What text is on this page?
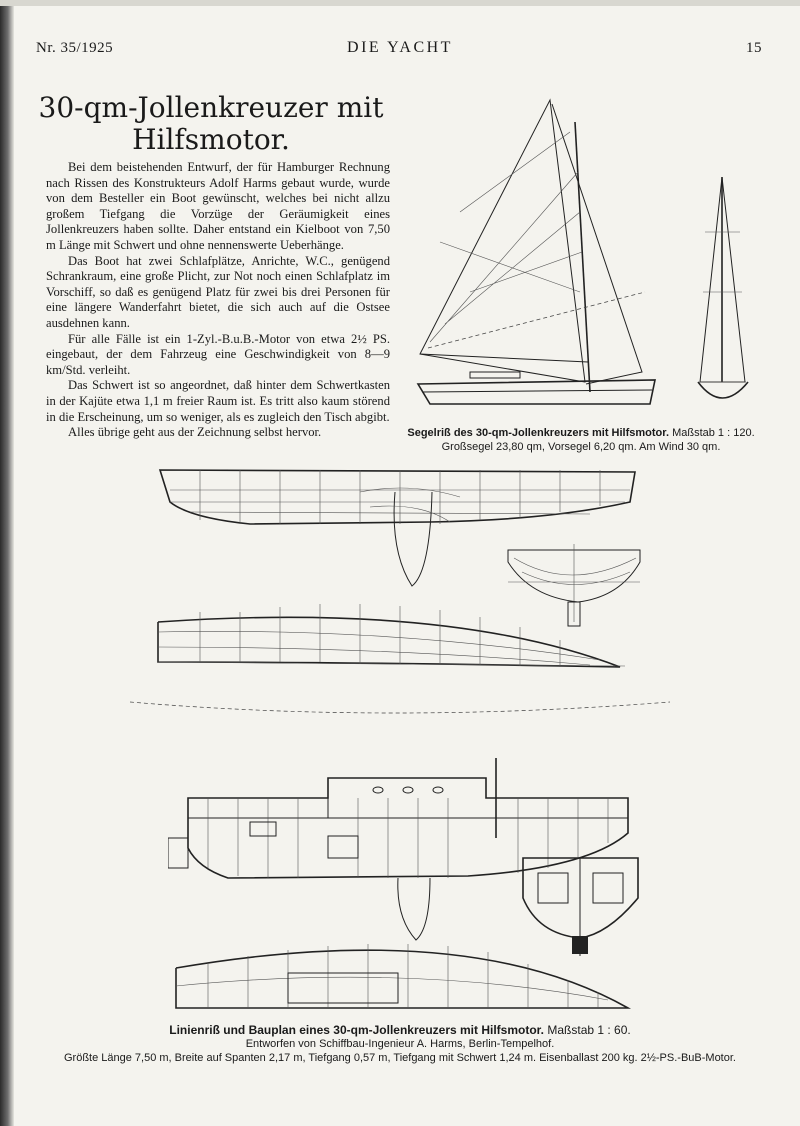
Nr. 35/1925	DIE YACHT	15
30-qm-Jollenkreuzer mit
Hilfsmotor.

Bei dem beistehenden Entwurf, der für Hamburger Rechnung nach Rissen des Konstrukteurs Adolf Harms gebaut wurde, wurde von dem Besteller ein Boot gewünscht, welches bei nicht allzu großem Tiefgang die Vorzüge der Geräumigkeit eines Jollenkreuzers haben sollte. Daher entstand ein Kielboot von 7,50 m Länge mit Schwert und ohne nennenswerte Ueberhänge.

Das Boot hat zwei Schlafplätze, Anrichte, W.C., genügend Schrankraum, eine große Plicht, zur Not noch einen Schlafplatz im Vorschiff, so daß es genügend Platz für zwei bis drei Personen für eine längere Wanderfahrt bietet, die sich auch auf die Ostsee ausdehnen kann.

Für alle Fälle ist ein 1-Zyl.-B.u.B.-Motor von etwa 2½ PS. eingebaut, der dem Fahrzeug eine Geschwindigkeit von 8—9 km/Std. verleiht.

Das Schwert ist so angeordnet, daß hinter dem Schwertkasten in der Kajüte etwa 1,1 m freier Raum ist. Es tritt also kaum störend in die Erscheinung, um so weniger, als es zugleich den Tisch abgibt.

Alles übrige geht aus der Zeichnung selbst hervor.	Segelriß des 30-qm-Jollenkreuzers mit Hilfsmotor. Maßstab 1 : 120.
Großsegel 23,80 qm, Vorsegel 6,20 qm. Am Wind 30 qm.
Linienriß und Bauplan eines 30-qm-Jollenkreuzers mit Hilfsmotor. Maßstab 1 : 60.
Entworfen von Schiffbau-Ingenieur A. Harms, Berlin-Tempelhof.
Größte Länge 7,50 m, Breite auf Spanten 2,17 m, Tiefgang 0,57 m, Tiefgang mit Schwert 1,24 m. Eisenballast 200 kg. 2½-PS.-BuB-Motor.
